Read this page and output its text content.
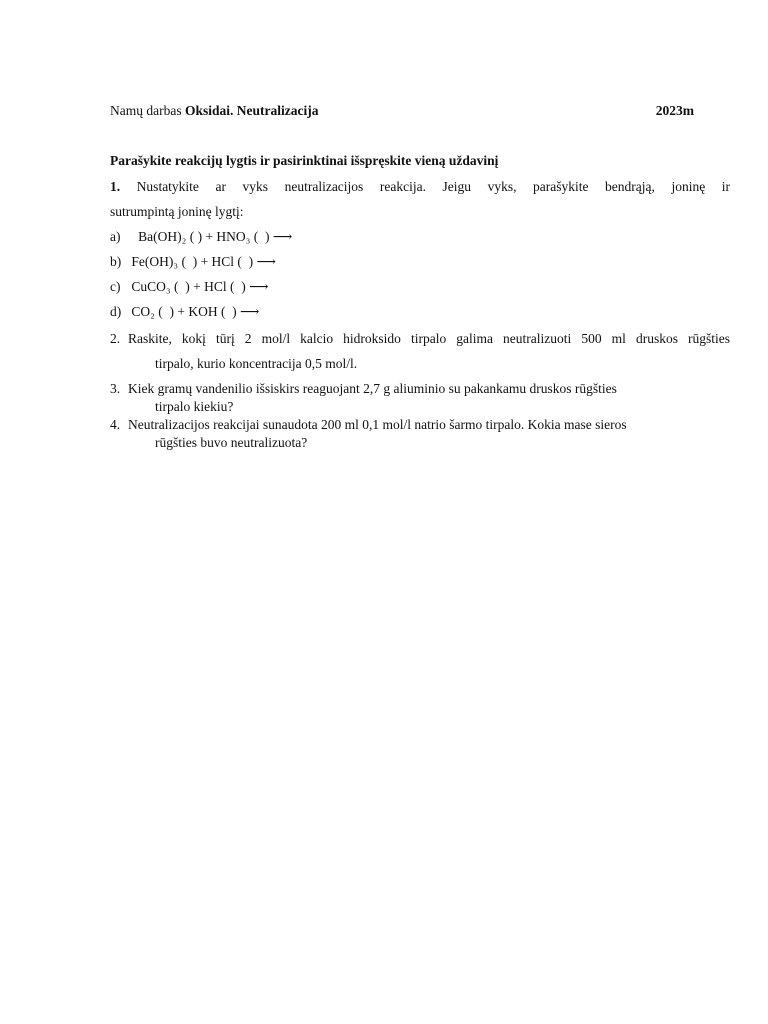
Namų darbas Oksidai. Neutralizacija	2023m
Parašykite reakcijų lygtis ir pasirinktinai išspręskite vieną uždavinį
1. Nustatykite ar vyks neutralizacijos reakcija. Jeigu vyks, parašykite bendrąją, joninę ir
sutrumpintą joninę lygtį:
a)   Ba(OH)₂ ( ) + HNO₃ (  ) ⟶
b) Fe(OH)₃ (  ) + HCl (  ) ⟶
c) CuCO₃ (  ) + HCl (  ) ⟶
d) CO₂ (  ) + KOH (  ) ⟶
2. Raskite, kokį tūrį 2 mol/l kalcio hidroksido tirpalo galima neutralizuoti 500 ml druskos rūgšties
tirpalo, kurio koncentracija 0,5 mol/l.
3. Kiek gramų vandenilio išsiskirs reaguojant 2,7 g aliuminio su pakankamu druskos rūgšties
tirpalo kiekiu?
4. Neutralizacijos reakcijai sunaudota 200 ml 0,1 mol/l natrio šarmo tirpalo. Kokia mase sieros
rūgšties buvo neutralizuota?
